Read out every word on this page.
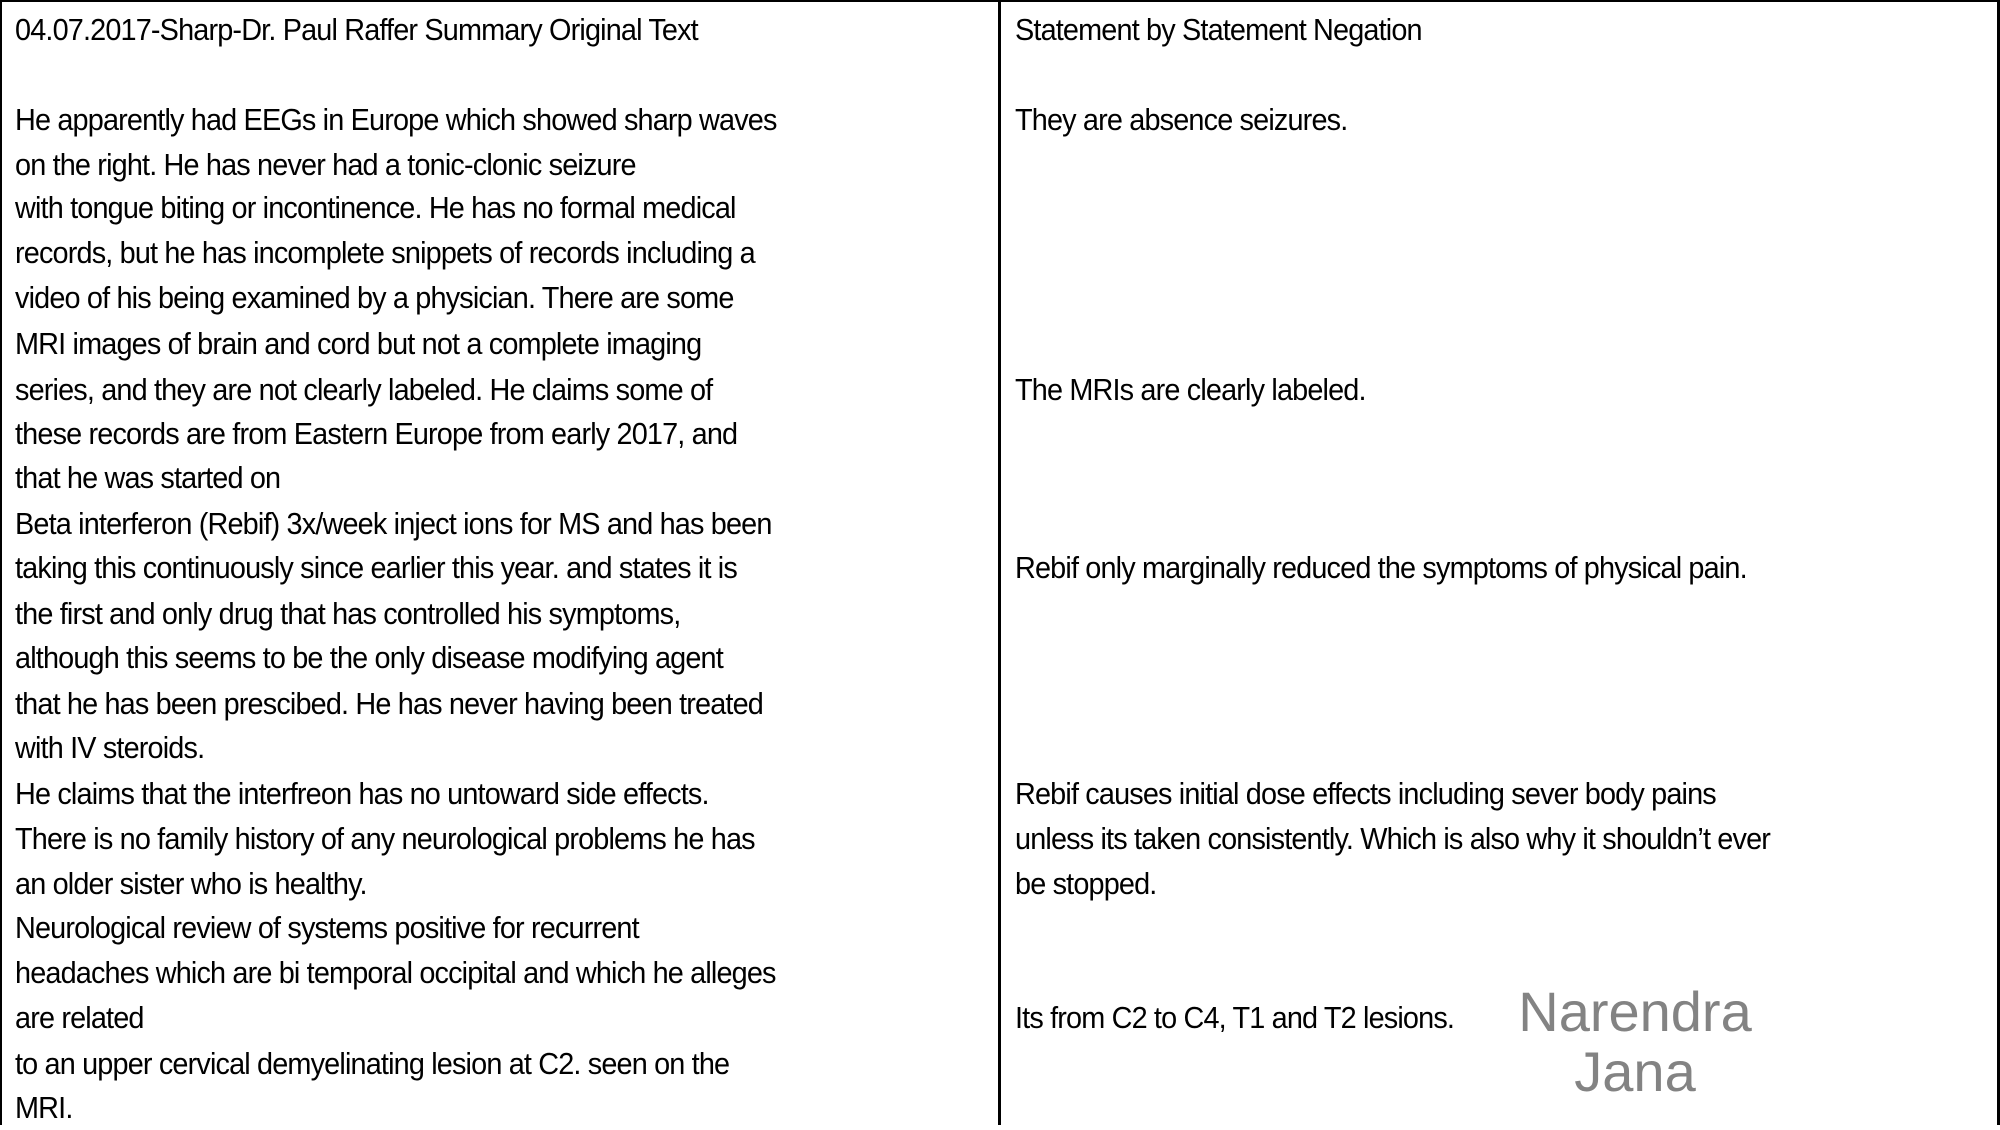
04.07.2017-Sharp-Dr. Paul Raffer Summary Original Text
He apparently had EEGs in Europe which showed sharp waves
on the right. He has never had a tonic-clonic seizure
with tongue biting or incontinence. He has no formal medical
records, but he has incomplete snippets of records including a
video of his being examined by a physician. There are some
MRI images of brain and cord but not a complete imaging
series, and they are not clearly labeled. He claims some of
these records are from Eastern Europe from early 2017, and
that he was started on
Beta interferon (Rebif) 3x/week inject ions for MS and has been
taking this continuously since earlier this year. and states it is
the first and only drug that has controlled his symptoms,
although this seems to be the only disease modifying agent
that he has been prescibed. He has never having been treated
with IV steroids.
He claims that the interfreon has no untoward side effects.
There is no family history of any neurological problems he has
an older sister who is healthy.
Neurological review of systems positive for recurrent
headaches which are bi temporal occipital and which he alleges
are related
to an upper cervical demyelinating lesion at C2. seen on the
MRI.
Statement by Statement Negation
They are absence seizures.
The MRIs are clearly labeled.
Rebif only marginally reduced the symptoms of physical pain.
Rebif causes initial dose effects including sever body pains
unless its taken consistently. Which is also why it shouldn’t ever
be stopped.
Its from C2 to C4, T1 and T2 lesions. Narendra
Jana
